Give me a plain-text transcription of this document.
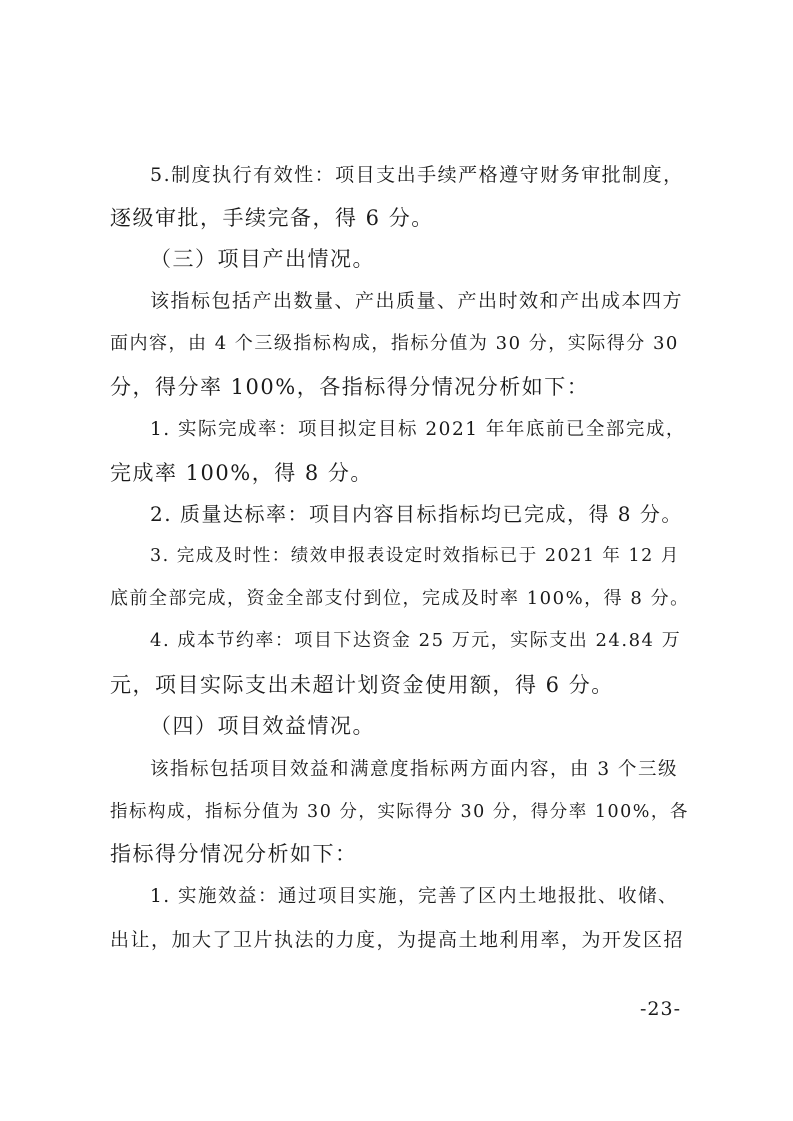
5.制度执行有效性：项目支出手续严格遵守财务审批制度，
逐级审批，手续完备，得 6 分。
（三）项目产出情况。
该指标包括产出数量、产出质量、产出时效和产出成本四方
面内容，由 4 个三级指标构成，指标分值为 30 分，实际得分 30
分，得分率 100%，各指标得分情况分析如下：
1. 实际完成率：项目拟定目标 2021 年年底前已全部完成，
完成率 100%，得 8 分。
2. 质量达标率：项目内容目标指标均已完成，得 8 分。
3. 完成及时性：绩效申报表设定时效指标已于 2021 年 12 月
底前全部完成，资金全部支付到位，完成及时率 100%，得 8 分。
4. 成本节约率：项目下达资金 25 万元，实际支出 24.84 万
元，项目实际支出未超计划资金使用额，得 6 分。
（四）项目效益情况。
该指标包括项目效益和满意度指标两方面内容，由 3 个三级
指标构成，指标分值为 30 分，实际得分 30 分，得分率 100%，各
指标得分情况分析如下：
1. 实施效益：通过项目实施，完善了区内土地报批、收储、
出让，加大了卫片执法的力度，为提高土地利用率，为开发区招
-23-
